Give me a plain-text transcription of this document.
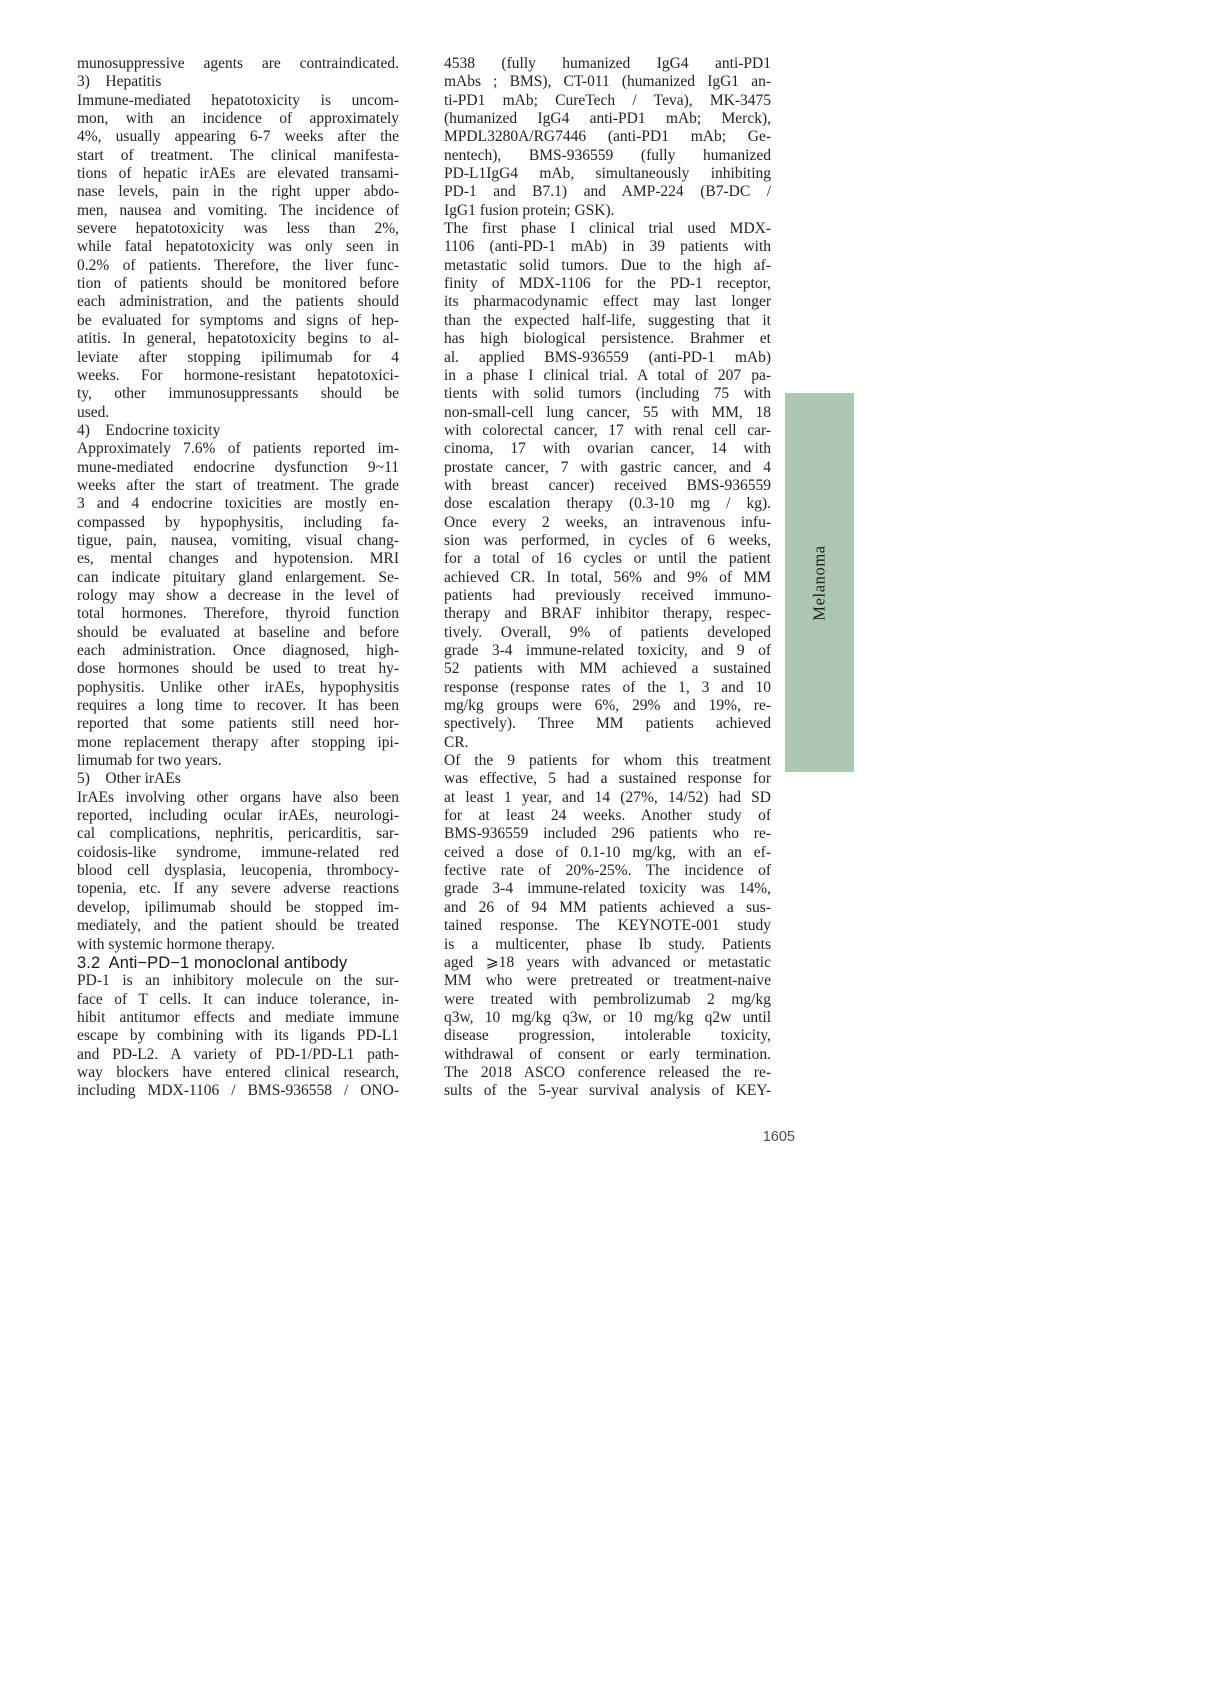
munosuppressive agents are contraindicated.
3) Hepatitis
Immune-mediated hepatotoxicity is uncom-
mon, with an incidence of approximately
4%, usually appearing 6-7 weeks after the
start of treatment. The clinical manifesta-
tions of hepatic irAEs are elevated transami-
nase levels, pain in the right upper abdo-
men, nausea and vomiting. The incidence of
severe hepatotoxicity was less than 2%,
while fatal hepatotoxicity was only seen in
0.2% of patients. Therefore, the liver func-
tion of patients should be monitored before
each administration, and the patients should
be evaluated for symptoms and signs of hep-
atitis. In general, hepatotoxicity begins to al-
leviate after stopping ipilimumab for 4
weeks. For hormone-resistant hepatotoxici-
ty, other immunosuppressants should be
used.
4) Endocrine toxicity
Approximately 7.6% of patients reported im-
mune-mediated endocrine dysfunction 9~11
weeks after the start of treatment. The grade
3 and 4 endocrine toxicities are mostly en-
compassed by hypophysitis, including fa-
tigue, pain, nausea, vomiting, visual chang-
es, mental changes and hypotension. MRI
can indicate pituitary gland enlargement. Se-
rology may show a decrease in the level of
total hormones. Therefore, thyroid function
should be evaluated at baseline and before
each administration. Once diagnosed, high-
dose hormones should be used to treat hy-
pophysitis. Unlike other irAEs, hypophysitis
requires a long time to recover. It has been
reported that some patients still need hor-
mone replacement therapy after stopping ipi-
limumab for two years.
5) Other irAEs
IrAEs involving other organs have also been
reported, including ocular irAEs, neurologi-
cal complications, nephritis, pericarditis, sar-
coidosis-like syndrome, immune-related red
blood cell dysplasia, leucopenia, thrombocy-
topenia, etc. If any severe adverse reactions
develop, ipilimumab should be stopped im-
mediately, and the patient should be treated
with systemic hormone therapy.
3.2 Anti−PD−1 monoclonal antibody
PD-1 is an inhibitory molecule on the sur-
face of T cells. It can induce tolerance, in-
hibit antitumor effects and mediate immune
escape by combining with its ligands PD-L1
and PD-L2. A variety of PD-1/PD-L1 path-
way blockers have entered clinical research,
including MDX-1106 / BMS-936558 / ONO-
4538 (fully humanized IgG4 anti-PD1
mAbs ; BMS), CT-011 (humanized IgG1 an-
ti-PD1 mAb; CureTech / Teva), MK-3475
(humanized IgG4 anti-PD1 mAb; Merck),
MPDL3280A/RG7446 (anti-PD1 mAb; Ge-
nentech), BMS-936559 (fully humanized
PD-L1IgG4 mAb, simultaneously inhibiting
PD-1 and B7.1) and AMP-224 (B7-DC /
IgG1 fusion protein; GSK).
The first phase I clinical trial used MDX-
1106 (anti-PD-1 mAb) in 39 patients with
metastatic solid tumors. Due to the high af-
finity of MDX-1106 for the PD-1 receptor,
its pharmacodynamic effect may last longer
than the expected half-life, suggesting that it
has high biological persistence. Brahmer et
al. applied BMS-936559 (anti-PD-1 mAb)
in a phase I clinical trial. A total of 207 pa-
tients with solid tumors (including 75 with
non-small-cell lung cancer, 55 with MM, 18
with colorectal cancer, 17 with renal cell car-
cinoma, 17 with ovarian cancer, 14 with
prostate cancer, 7 with gastric cancer, and 4
with breast cancer) received BMS-936559
dose escalation therapy (0.3-10 mg / kg).
Once every 2 weeks, an intravenous infu-
sion was performed, in cycles of 6 weeks,
for a total of 16 cycles or until the patient
achieved CR. In total, 56% and 9% of MM
patients had previously received immuno-
therapy and BRAF inhibitor therapy, respec-
tively. Overall, 9% of patients developed
grade 3-4 immune-related toxicity, and 9 of
52 patients with MM achieved a sustained
response (response rates of the 1, 3 and 10
mg/kg groups were 6%, 29% and 19%, re-
spectively). Three MM patients achieved
CR.
Of the 9 patients for whom this treatment
was effective, 5 had a sustained response for
at least 1 year, and 14 (27%, 14/52) had SD
for at least 24 weeks. Another study of
BMS-936559 included 296 patients who re-
ceived a dose of 0.1-10 mg/kg, with an ef-
fective rate of 20%-25%. The incidence of
grade 3-4 immune-related toxicity was 14%,
and 26 of 94 MM patients achieved a sus-
tained response. The KEYNOTE-001 study
is a multicenter, phase Ib study. Patients
aged ⩾18 years with advanced or metastatic
MM who were pretreated or treatment-naive
were treated with pembrolizumab 2 mg/kg
q3w, 10 mg/kg q3w, or 10 mg/kg q2w until
disease progression, intolerable toxicity,
withdrawal of consent or early termination.
The 2018 ASCO conference released the re-
sults of the 5-year survival analysis of KEY-
Melanoma
1605
